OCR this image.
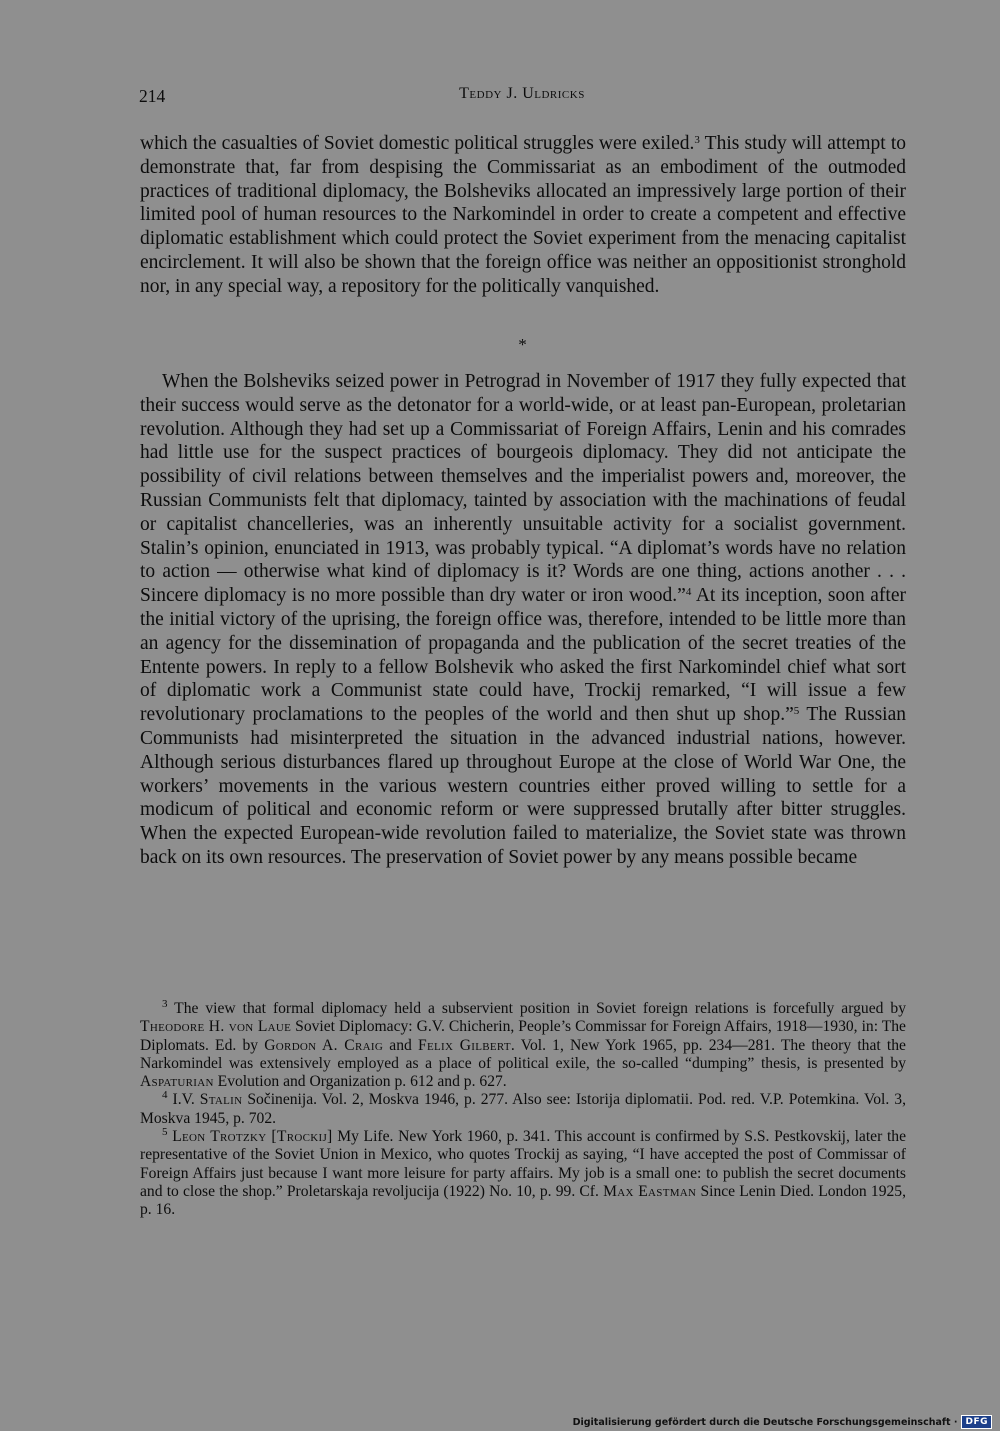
214	Teddy J. Uldricks

which the casualties of Soviet domestic political struggles were exiled.$^3$ This study will attempt to demonstrate that, far from despising the Commissariat as an embodiment of the outmoded practices of traditional diplomacy, the Bolsheviks allocated an impressively large portion of their limited pool of human resources to the Narkomindel in order to create a competent and effective diplomatic establishment which could protect the Soviet experiment from the menacing capitalist encirclement. It will also be shown that the foreign office was neither an oppositionist stronghold nor, in any special way, a repository for the politically vanquished.

*

When the Bolsheviks seized power in Petrograd in November of 1917 they fully expected that their success would serve as the detonator for a world-wide, or at least pan-European, proletarian revolution. Although they had set up a Commissariat of Foreign Affairs, Lenin and his comrades had little use for the suspect practices of bourgeois diplomacy. They did not anticipate the possibility of civil relations between themselves and the imperialist powers and, moreover, the Russian Communists felt that diplomacy, tainted by association with the machinations of feudal or capitalist chancelleries, was an inherently unsuitable activity for a socialist government. Stalin’s opinion, enunciated in 1913, was probably typical. “A diplomat’s words have no relation to action — otherwise what kind of diplomacy is it? Words are one thing, actions another . . . Sincere diplomacy is no more possible than dry water or iron wood.”$^4$ At its inception, soon after the initial victory of the uprising, the foreign office was, therefore, intended to be little more than an agency for the dissemination of propaganda and the publication of the secret treaties of the Entente powers. In reply to a fellow Bolshevik who asked the first Narkomindel chief what sort of diplomatic work a Communist state could have, Trockij remarked, “I will issue a few revolutionary proclamations to the peoples of the world and then shut up shop.”$^5$ The Russian Communists had misinterpreted the situation in the advanced industrial nations, however. Although serious disturbances flared up throughout Europe at the close of World War One, the workers’ movements in the various western countries either proved willing to settle for a modicum of political and economic reform or were suppressed brutally after bitter struggles. When the expected European-wide revolution failed to materialize, the Soviet state was thrown back on its own resources. The preservation of Soviet power by any means possible became

$^3$ The view that formal diplomacy held a subservient position in Soviet foreign relations is forcefully argued by Theodore H. von Laue Soviet Diplomacy: G.V. Chicherin, People’s Commissar for Foreign Affairs, 1918—1930, in: The Diplomats. Ed. by Gordon A. Craig and Felix Gilbert. Vol. 1, New York 1965, pp. 234—281. The theory that the Narkomindel was extensively employed as a place of political exile, the so-called “dumping” thesis, is presented by Aspaturian Evolution and Organization p. 612 and p. 627.

$^4$ I.V. Stalin Sočinenija. Vol. 2, Moskva 1946, p. 277. Also see: Istorija diplomatii. Pod. red. V.P. Potemkina. Vol. 3, Moskva 1945, p. 702.

$^5$ Leon Trotzky [Trockij] My Life. New York 1960, p. 341. This account is confirmed by S.S. Pestkovskij, later the representative of the Soviet Union in Mexico, who quotes Trockij as saying, “I have accepted the post of Commissar of Foreign Affairs just because I want more leisure for party affairs. My job is a small one: to publish the secret documents and to close the shop.” Proletarskaja revoljucija (1922) No. 10, p. 99. Cf. Max Eastman Since Lenin Died. London 1925, p. 16.

Digitalisierung gefördert durch die Deutsche Forschungsgemeinschaft · DFG
